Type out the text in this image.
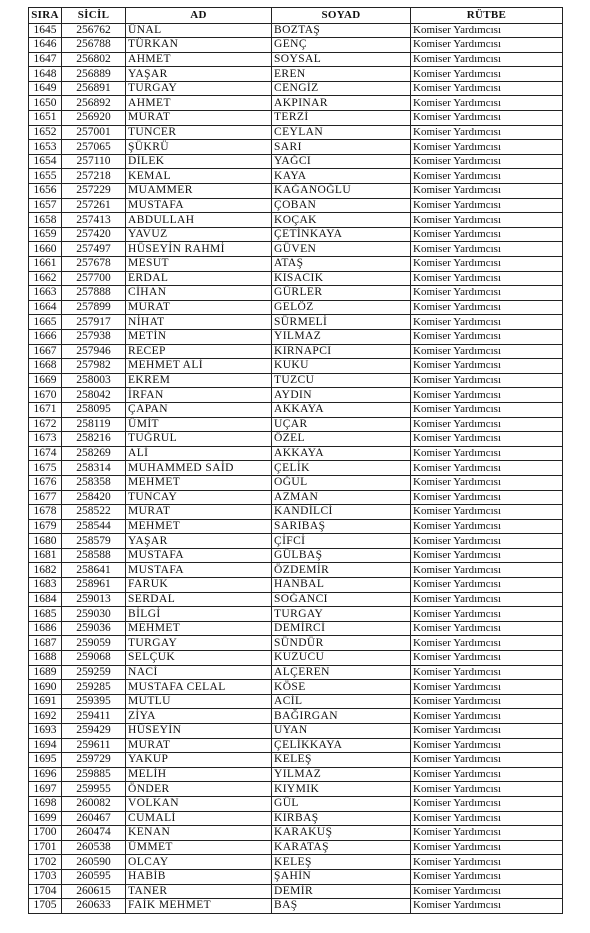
SIRA	SİCİL	AD	SOYAD	RÜTBE
1645	256762	ÜNAL	BOZTAŞ	Komiser Yardımcısı
1646	256788	TÜRKAN	GENÇ	Komiser Yardımcısı
1647	256802	AHMET	SOYSAL	Komiser Yardımcısı
1648	256889	YAŞAR	EREN	Komiser Yardımcısı
1649	256891	TURGAY	CENGİZ	Komiser Yardımcısı
1650	256892	AHMET	AKPINAR	Komiser Yardımcısı
1651	256920	MURAT	TERZİ	Komiser Yardımcısı
1652	257001	TUNCER	CEYLAN	Komiser Yardımcısı
1653	257065	ŞÜKRÜ	SARI	Komiser Yardımcısı
1654	257110	DİLEK	YAĞCI	Komiser Yardımcısı
1655	257218	KEMAL	KAYA	Komiser Yardımcısı
1656	257229	MUAMMER	KAĞANOĞLU	Komiser Yardımcısı
1657	257261	MUSTAFA	ÇOBAN	Komiser Yardımcısı
1658	257413	ABDULLAH	KOÇAK	Komiser Yardımcısı
1659	257420	YAVUZ	ÇETİNKAYA	Komiser Yardımcısı
1660	257497	HÜSEYİN RAHMİ	GÜVEN	Komiser Yardımcısı
1661	257678	MESUT	ATAŞ	Komiser Yardımcısı
1662	257700	ERDAL	KISACIK	Komiser Yardımcısı
1663	257888	CİHAN	GÜRLER	Komiser Yardımcısı
1664	257899	MURAT	GELÖZ	Komiser Yardımcısı
1665	257917	NİHAT	SÜRMELİ	Komiser Yardımcısı
1666	257938	METİN	YILMAZ	Komiser Yardımcısı
1667	257946	RECEP	KIRNAPCI	Komiser Yardımcısı
1668	257982	MEHMET ALİ	KUKU	Komiser Yardımcısı
1669	258003	EKREM	TUZCU	Komiser Yardımcısı
1670	258042	İRFAN	AYDIN	Komiser Yardımcısı
1671	258095	ÇAPAN	AKKAYA	Komiser Yardımcısı
1672	258119	ÜMİT	UÇAR	Komiser Yardımcısı
1673	258216	TUĞRUL	ÖZEL	Komiser Yardımcısı
1674	258269	ALİ	AKKAYA	Komiser Yardımcısı
1675	258314	MUHAMMED SAİD	ÇELİK	Komiser Yardımcısı
1676	258358	MEHMET	OĞUL	Komiser Yardımcısı
1677	258420	TUNCAY	AZMAN	Komiser Yardımcısı
1678	258522	MURAT	KANDİLCİ	Komiser Yardımcısı
1679	258544	MEHMET	SARIBAŞ	Komiser Yardımcısı
1680	258579	YAŞAR	ÇİFCİ	Komiser Yardımcısı
1681	258588	MUSTAFA	GÜLBAŞ	Komiser Yardımcısı
1682	258641	MUSTAFA	ÖZDEMİR	Komiser Yardımcısı
1683	258961	FARUK	HANBAL	Komiser Yardımcısı
1684	259013	SERDAL	SOĞANCI	Komiser Yardımcısı
1685	259030	BİLGİ	TURGAY	Komiser Yardımcısı
1686	259036	MEHMET	DEMİRCİ	Komiser Yardımcısı
1687	259059	TURGAY	SÜNDÜR	Komiser Yardımcısı
1688	259068	SELÇUK	KUZUCU	Komiser Yardımcısı
1689	259259	NACİ	ALÇEREN	Komiser Yardımcısı
1690	259285	MUSTAFA CELAL	KÖSE	Komiser Yardımcısı
1691	259395	MUTLU	ACİL	Komiser Yardımcısı
1692	259411	ZİYA	BAĞIRGAN	Komiser Yardımcısı
1693	259429	HÜSEYİN	UYAN	Komiser Yardımcısı
1694	259611	MURAT	ÇELİKKAYA	Komiser Yardımcısı
1695	259729	YAKUP	KELEŞ	Komiser Yardımcısı
1696	259885	MELİH	YILMAZ	Komiser Yardımcısı
1697	259955	ÖNDER	KIYMIK	Komiser Yardımcısı
1698	260082	VOLKAN	GÜL	Komiser Yardımcısı
1699	260467	CUMALİ	KIRBAŞ	Komiser Yardımcısı
1700	260474	KENAN	KARAKUŞ	Komiser Yardımcısı
1701	260538	ÜMMET	KARATAŞ	Komiser Yardımcısı
1702	260590	OLCAY	KELEŞ	Komiser Yardımcısı
1703	260595	HABİB	ŞAHİN	Komiser Yardımcısı
1704	260615	TANER	DEMİR	Komiser Yardımcısı
1705	260633	FAİK MEHMET	BAŞ	Komiser Yardımcısı
